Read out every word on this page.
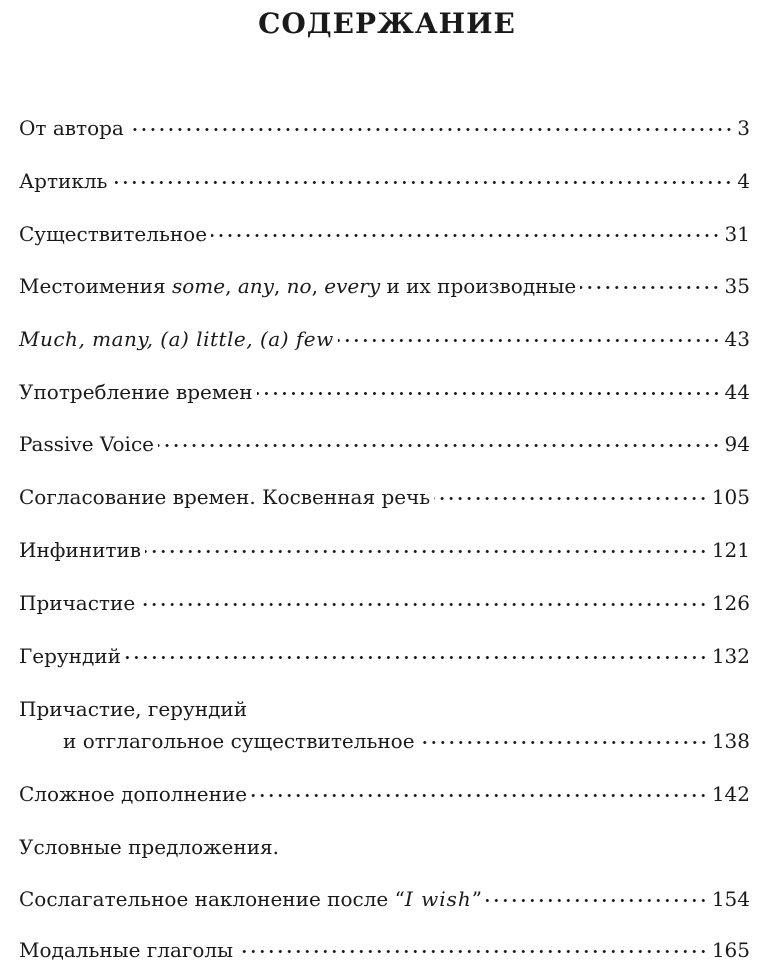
СОДЕРЖАНИЕ
От автора	3
Артикль	4
Существительное	31
Местоимения some, any, no, every и их производные	35
Much, many, (a) little, (a) few	43
Употребление времен	44
Passive Voice	94
Согласование времен. Косвенная речь	105
Инфинитив	121
Причастие	126
Герундий	132
Причастие, герундий
и отглагольное существительное	138
Сложное дополнение	142
Условные предложения.
Сослагательное наклонение после “I wish”	154
Модальные глаголы	165
